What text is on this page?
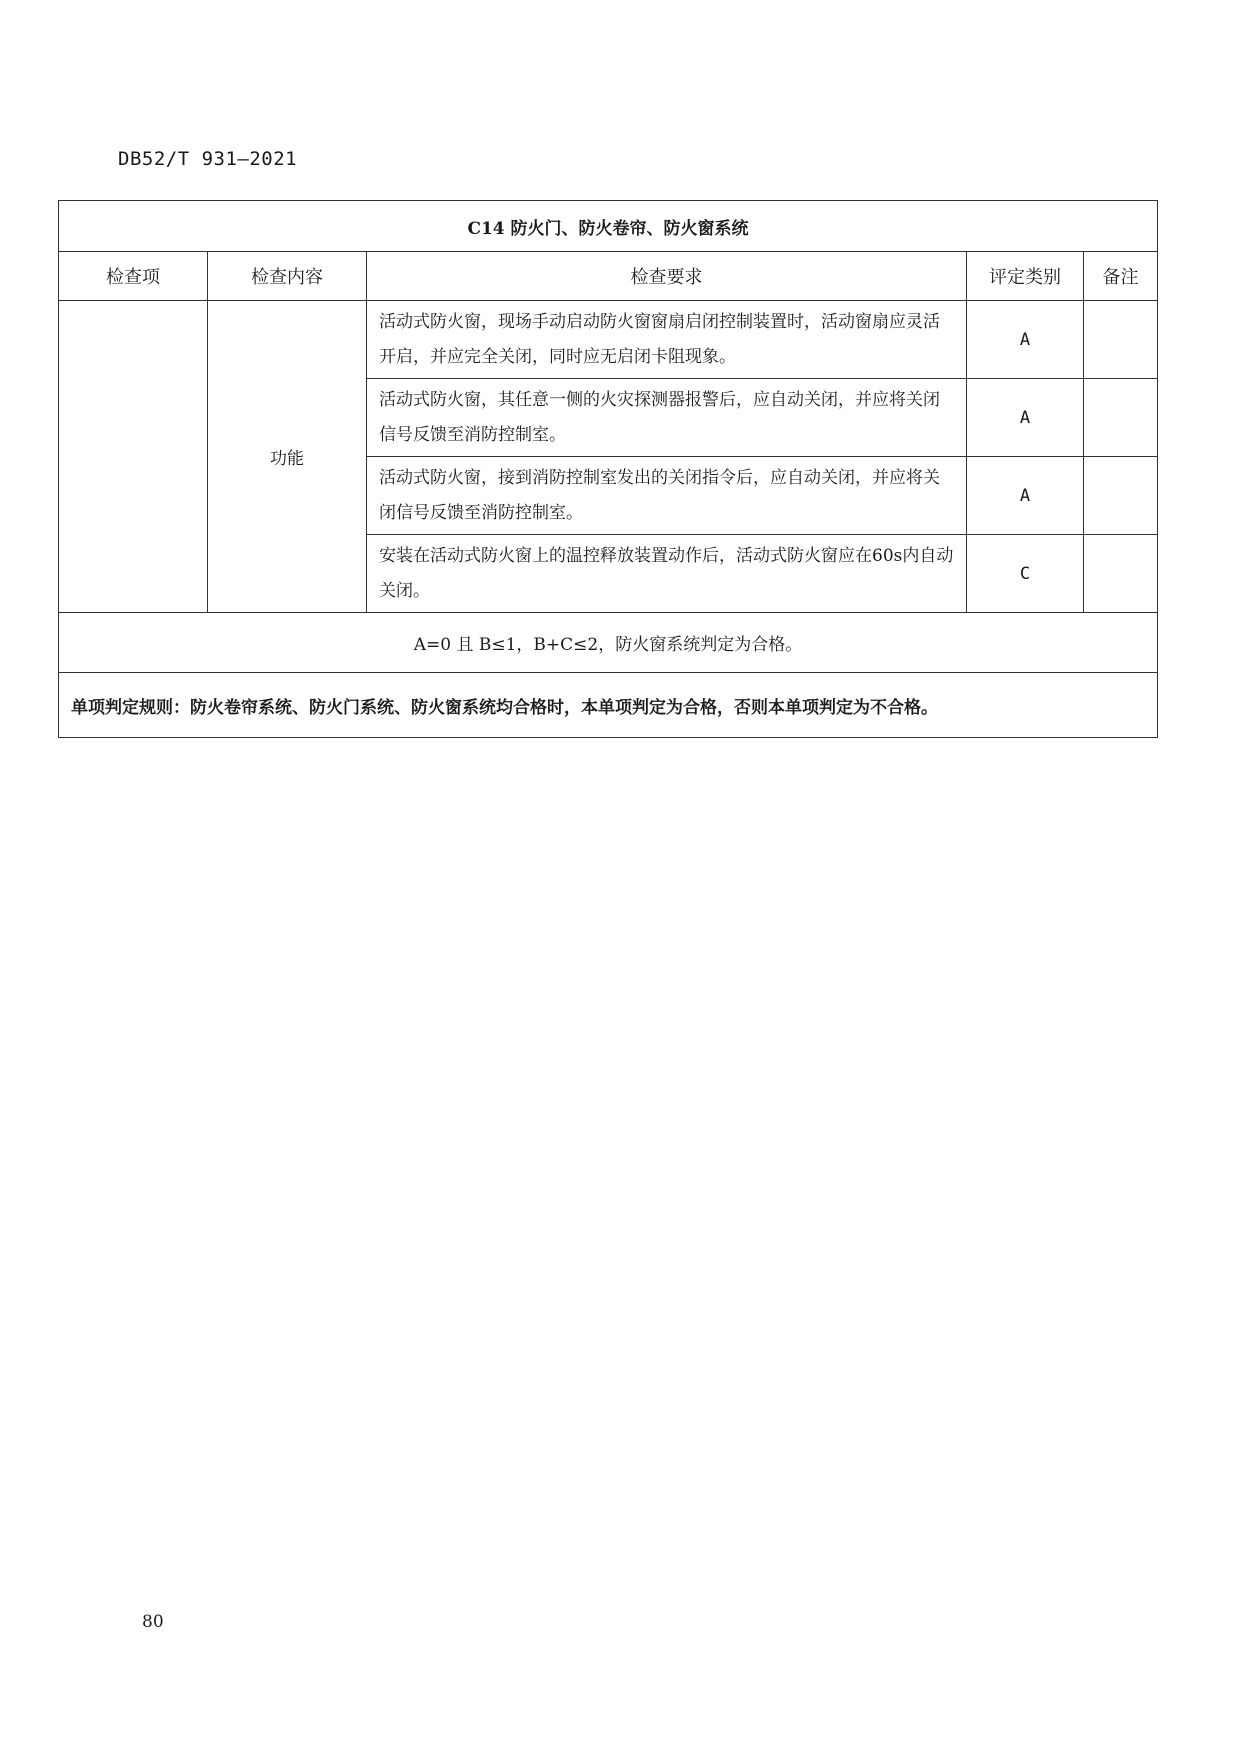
DB52/T 931—2021
C14 防火门、防火卷帘、防火窗系统				
检查项	检查内容	检查要求	评定类别	备注
	功能	活动式防火窗，现场手动启动防火窗窗扇启闭控制装置时，活动窗扇应灵活开启，并应完全关闭，同时应无启闭卡阻现象。	A	
		活动式防火窗，其任意一侧的火灾探测器报警后，应自动关闭，并应将关闭信号反馈至消防控制室。	A	
		活动式防火窗，接到消防控制室发出的关闭指令后，应自动关闭，并应将关闭信号反馈至消防控制室。	A	
		安装在活动式防火窗上的温控释放装置动作后，活动式防火窗应在60s内自动关闭。	C	
A=0 且 B≤1，B+C≤2，防火窗系统判定为合格。				
单项判定规则：防火卷帘系统、防火门系统、防火窗系统均合格时，本单项判定为合格，否则本单项判定为不合格。				
80
